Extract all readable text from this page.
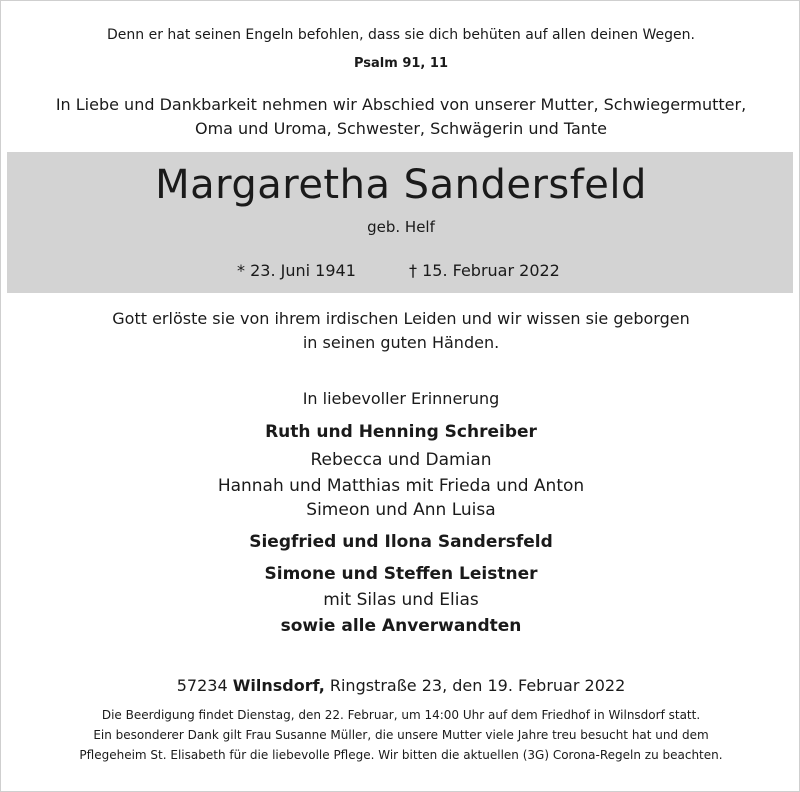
Denn er hat seinen Engeln befohlen, dass sie dich behüten auf allen deinen Wegen.
Psalm 91, 11
In Liebe und Dankbarkeit nehmen wir Abschied von unserer Mutter, Schwiegermutter,
Oma und Uroma, Schwester, Schwägerin und Tante
Margaretha Sandersfeld
geb. Helf
* 23. Juni 1941	† 15. Februar 2022
Gott erlöste sie von ihrem irdischen Leiden und wir wissen sie geborgen
in seinen guten Händen.
In liebevoller Erinnerung
Ruth und Henning Schreiber
Rebecca und Damian
Hannah und Matthias mit Frieda und Anton
Simeon und Ann Luisa
Siegfried und Ilona Sandersfeld
Simone und Steffen Leistner
mit Silas und Elias
sowie alle Anverwandten
57234 Wilnsdorf, Ringstraße 23, den 19. Februar 2022
Die Beerdigung findet Dienstag, den 22. Februar, um 14:00 Uhr auf dem Friedhof in Wilnsdorf statt.
Ein besonderer Dank gilt Frau Susanne Müller, die unsere Mutter viele Jahre treu besucht hat und dem
Pflegeheim St. Elisabeth für die liebevolle Pflege. Wir bitten die aktuellen (3G) Corona-Regeln zu beachten.
